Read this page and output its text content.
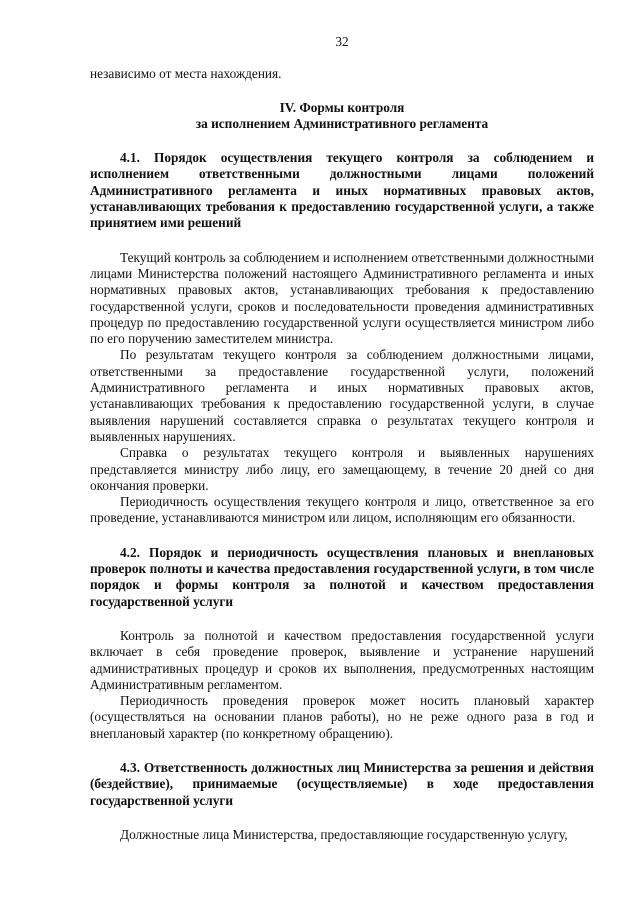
32

независимо от места нахождения.

IV. Формы контроля

за исполнением Административного регламента

4.1. Порядок осуществления текущего контроля за соблюдением и исполнением ответственными должностными лицами положений Административного регламента и иных нормативных правовых актов, устанавливающих требования к предоставлению государственной услуги, а также принятием ими решений

Текущий контроль за соблюдением и исполнением ответственными должностными лицами Министерства положений настоящего Административного регламента и иных нормативных правовых актов, устанавливающих требования к предоставлению государственной услуги, сроков и последовательности проведения административных процедур по предоставлению государственной услуги осуществляется министром либо по его поручению заместителем министра.

По результатам текущего контроля за соблюдением должностными лицами, ответственными за предоставление государственной услуги, положений Административного регламента и иных нормативных правовых актов, устанавливающих требования к предоставлению государственной услуги, в случае выявления нарушений составляется справка о результатах текущего контроля и выявленных нарушениях.

Справка о результатах текущего контроля и выявленных нарушениях представляется министру либо лицу, его замещающему, в течение 20 дней со дня окончания проверки.

Периодичность осуществления текущего контроля и лицо, ответственное за его проведение, устанавливаются министром или лицом, исполняющим его обязанности.

4.2. Порядок и периодичность осуществления плановых и внеплановых проверок полноты и качества предоставления государственной услуги, в том числе порядок и формы контроля за полнотой и качеством предоставления государственной услуги

Контроль за полнотой и качеством предоставления государственной услуги включает в себя проведение проверок, выявление и устранение нарушений административных процедур и сроков их выполнения, предусмотренных настоящим Административным регламентом.

Периодичность проведения проверок может носить плановый характер (осуществляться на основании планов работы), но не реже одного раза в год и внеплановый характер (по конкретному обращению).

4.3. Ответственность должностных лиц Министерства за решения и действия (бездействие), принимаемые (осуществляемые) в ходе предоставления государственной услуги

Должностные лица Министерства, предоставляющие государственную услугу,
